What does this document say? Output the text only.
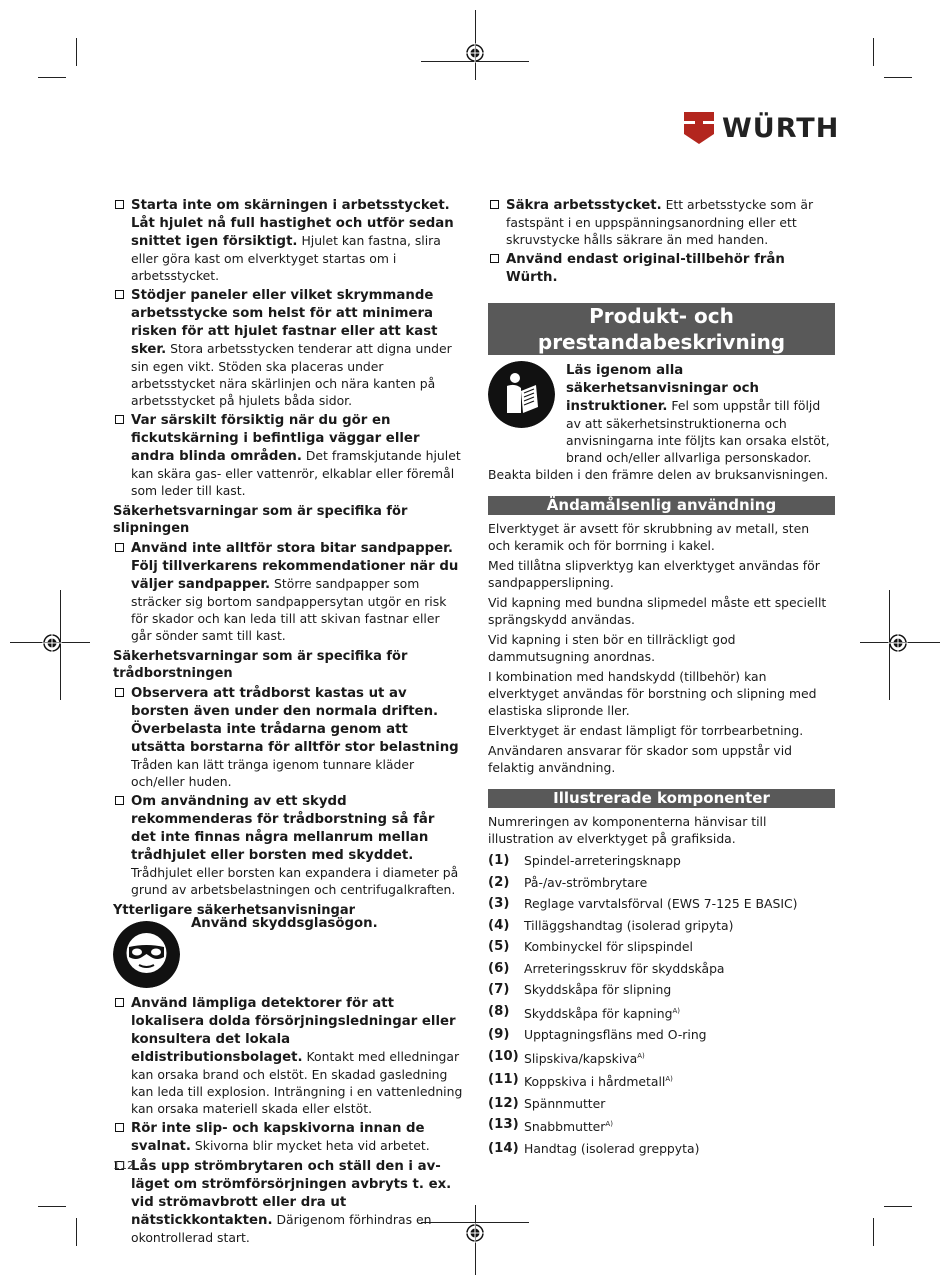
WÜRTH
Starta inte om skärningen i arbetsstycket. Låt hjulet nå full hastighet och utför sedan snittet igen försiktigt. Hjulet kan fastna, slira eller göra kast om elverktyget startas om i arbetsstycket.
Stödjer paneler eller vilket skrymmande arbetsstycke som helst för att minimera risken för att hjulet fastnar eller att kast sker. Stora arbetsstycken tenderar att digna under sin egen vikt. Stöden ska placeras under arbetsstycket nära skärlinjen och nära kanten på arbetsstycket på hjulets båda sidor.
Var särskilt försiktig när du gör en fickutskärning i befintliga väggar eller andra blinda områden. Det framskjutande hjulet kan skära gas- eller vattenrör, elkablar eller föremål som leder till kast.
Säkerhetsvarningar som är specifika för slipningen
Använd inte alltför stora bitar sandpapper. Följ tillverkarens rekommendationer när du väljer sandpapper. Större sandpapper som sträcker sig bortom sandpappersytan utgör en risk för skador och kan leda till att skivan fastnar eller går sönder samt till kast.
Säkerhetsvarningar som är specifika för trådborstningen
Observera att trådborst kastas ut av borsten även under den normala driften. Överbelasta inte trådarna genom att utsätta borstarna för alltför stor belastning Tråden kan lätt tränga igenom tunnare kläder och/eller huden.
Om användning av ett skydd rekommenderas för trådborstning så får det inte finnas några mellanrum mellan trådhjulet eller borsten med skyddet. Trådhjulet eller borsten kan expandera i diameter på grund av arbetsbelastningen och centrifugalkraften.
Ytterligare säkerhetsanvisningar
Använd skyddsglasögon.
Använd lämpliga detektorer för att lokalisera dolda försörjningsledningar eller konsultera det lokala eldistributionsbolaget. Kontakt med elledningar kan orsaka brand och elstöt. En skadad gasledning kan leda till explosion. Inträngning i en vattenledning kan orsaka materiell skada eller elstöt.
Rör inte slip- och kapskivorna innan de svalnat. Skivorna blir mycket heta vid arbetet.
Lås upp strömbrytaren och ställ den i av-läget om strömförsörjningen avbryts t. ex. vid strömavbrott eller dra ut nätstickkontakten. Därigenom förhindras en okontrollerad start.
Säkra arbetsstycket. Ett arbetsstycke som är fastspänt i en uppspänningsanordning eller ett skruvstycke hålls säkrare än med handen.
Använd endast original-tillbehör från Würth.
Produkt- och prestandabeskrivning
Läs igenom alla säkerhetsanvisningar och instruktioner. Fel som uppstår till följd av att säkerhetsinstruktionerna och anvisningarna inte följts kan orsaka elstöt, brand och/eller allvarliga personskador.
Beakta bilden i den främre delen av bruksanvisningen.
Ändamålsenlig användning
Elverktyget är avsett för skrubbning av metall, sten och keramik och för borrning i kakel.
Med tillåtna slipverktyg kan elverktyget användas för sandpapperslipning.
Vid kapning med bundna slipmedel måste ett speciellt sprängskydd användas.
Vid kapning i sten bör en tillräckligt god dammutsugning anordnas.
I kombination med handskydd (tillbehör) kan elverktyget användas för borstning och slipning med elastiska slipronde ller.
Elverktyget är endast lämpligt för torrbearbetning.
Användaren ansvarar för skador som uppstår vid felaktig användning.
Illustrerade komponenter
Numreringen av komponenterna hänvisar till illustration av elverktyget på grafiksida.
(1)	Spindel-arreteringsknapp
(2)	På-/av-strömbrytare
(3)	Reglage varvtalsförval (EWS 7-125 E BASIC)
(4)	Tilläggshandtag (isolerad gripyta)
(5)	Kombinyckel för slipspindel
(6)	Arreteringsskruv för skyddskåpa
(7)	Skyddskåpa för slipning
(8)	Skyddskåpa för kapning$^{A)}$
(9)	Upptagningsfläns med O-ring
(10) Slipskiva/kapskiva$^{A)}$
(11) Koppskiva i hårdmetall$^{A)}$
(12) Spännmutter
(13) Snabbmutter$^{A)}$
(14) Handtag (isolerad greppyta)
112
